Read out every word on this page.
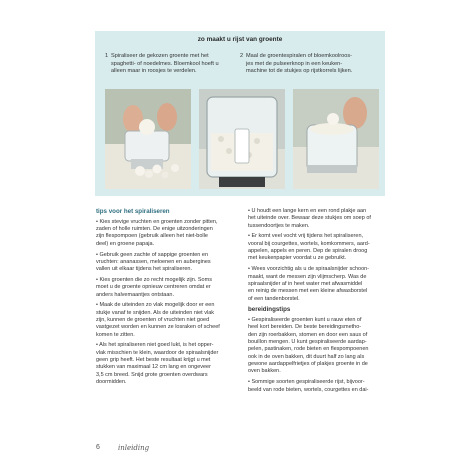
zo maakt u rijst van groente
1 Spiraliseer de gekozen groente met het
spaghetti- of noedelmes. Bloemkool hoeft u
alleen maar in roosjes te verdelen.
2 Maal de groentespiralen of bloemkoolroos-
jes met de pulseerknop in een keuken-
machine tot de stukjes op rijstkorrels lijken.

tips voor het spiraliseren

• Kies stevige vruchten en groenten zonder pitten,
zaden of holle ruimten. De enige uitzonderingen
zijn flespompoen (gebruik alleen het niet-bolle
deel) en groene papaja.

• Gebruik geen zachte of sappige groenten en
vruchten: ananassen, meloenen en aubergines
vallen uit elkaar tijdens het spiraliseren.

• Kies groenten die zo recht mogelijk zijn. Soms
moet u de groente opnieuw centreren omdat er
anders halvemaantjes ontstaan.

• Maak de uiteinden zo vlak mogelijk door er een
stukje vanaf te snijden. Als de uiteinden niet vlak
zijn, kunnen de groenten of vruchten niet goed
vastgezet worden en kunnen ze losraken of scheef
komen te zitten.

• Als het spiraliseren niet goed lukt, is het opper-
vlak misschien te klein, waardoor de spiraalsnijder
geen grip heeft. Het beste resultaat krijgt u met
stukken van maximaal 12 cm lang en ongeveer
3,5 cm breed. Snijd grote groenten overdwars
doormidden.

• U houdt een lange kern en een rond plakje aan
het uiteinde over. Bewaar deze stukjes om soep of
tussendoortjes te maken.

• Er komt veel vocht vrij tijdens het spiraliseren,
vooral bij courgettes, wortels, komkommers, aard-
appelen, appels en peren. Dep de spiralen droog
met keukenpapier voordat u ze gebruikt.

• Wees voorzichtig als u de spiraalsnijder schoon-
maakt, want de messen zijn vlijmscherp. Was de
spiraalsnijder af in heet water met afwasmiddel
en reinig de messen met een kleine afwasborstel
of een tandenborstel.

bereidingstips

• Gespiraliseerde groenten kunt u rauw eten of
heel kort bereiden. De beste bereidingsmetho-
den zijn roerbakken, stomen en door een saus of
bouillon mengen. U kunt gespiraliseerde aardap-
pelen, pastinaken, rode bieten en flespompoenen
ook in de oven bakken, dit duurt half zo lang als
gewone aardappelfrietjes of plakjes groente in de
oven bakken.

• Sommige soorten gespiraliseerde rijst, bijvoor-
beeld van rode bieten, wortels, courgettes en dai-

6	inleiding
